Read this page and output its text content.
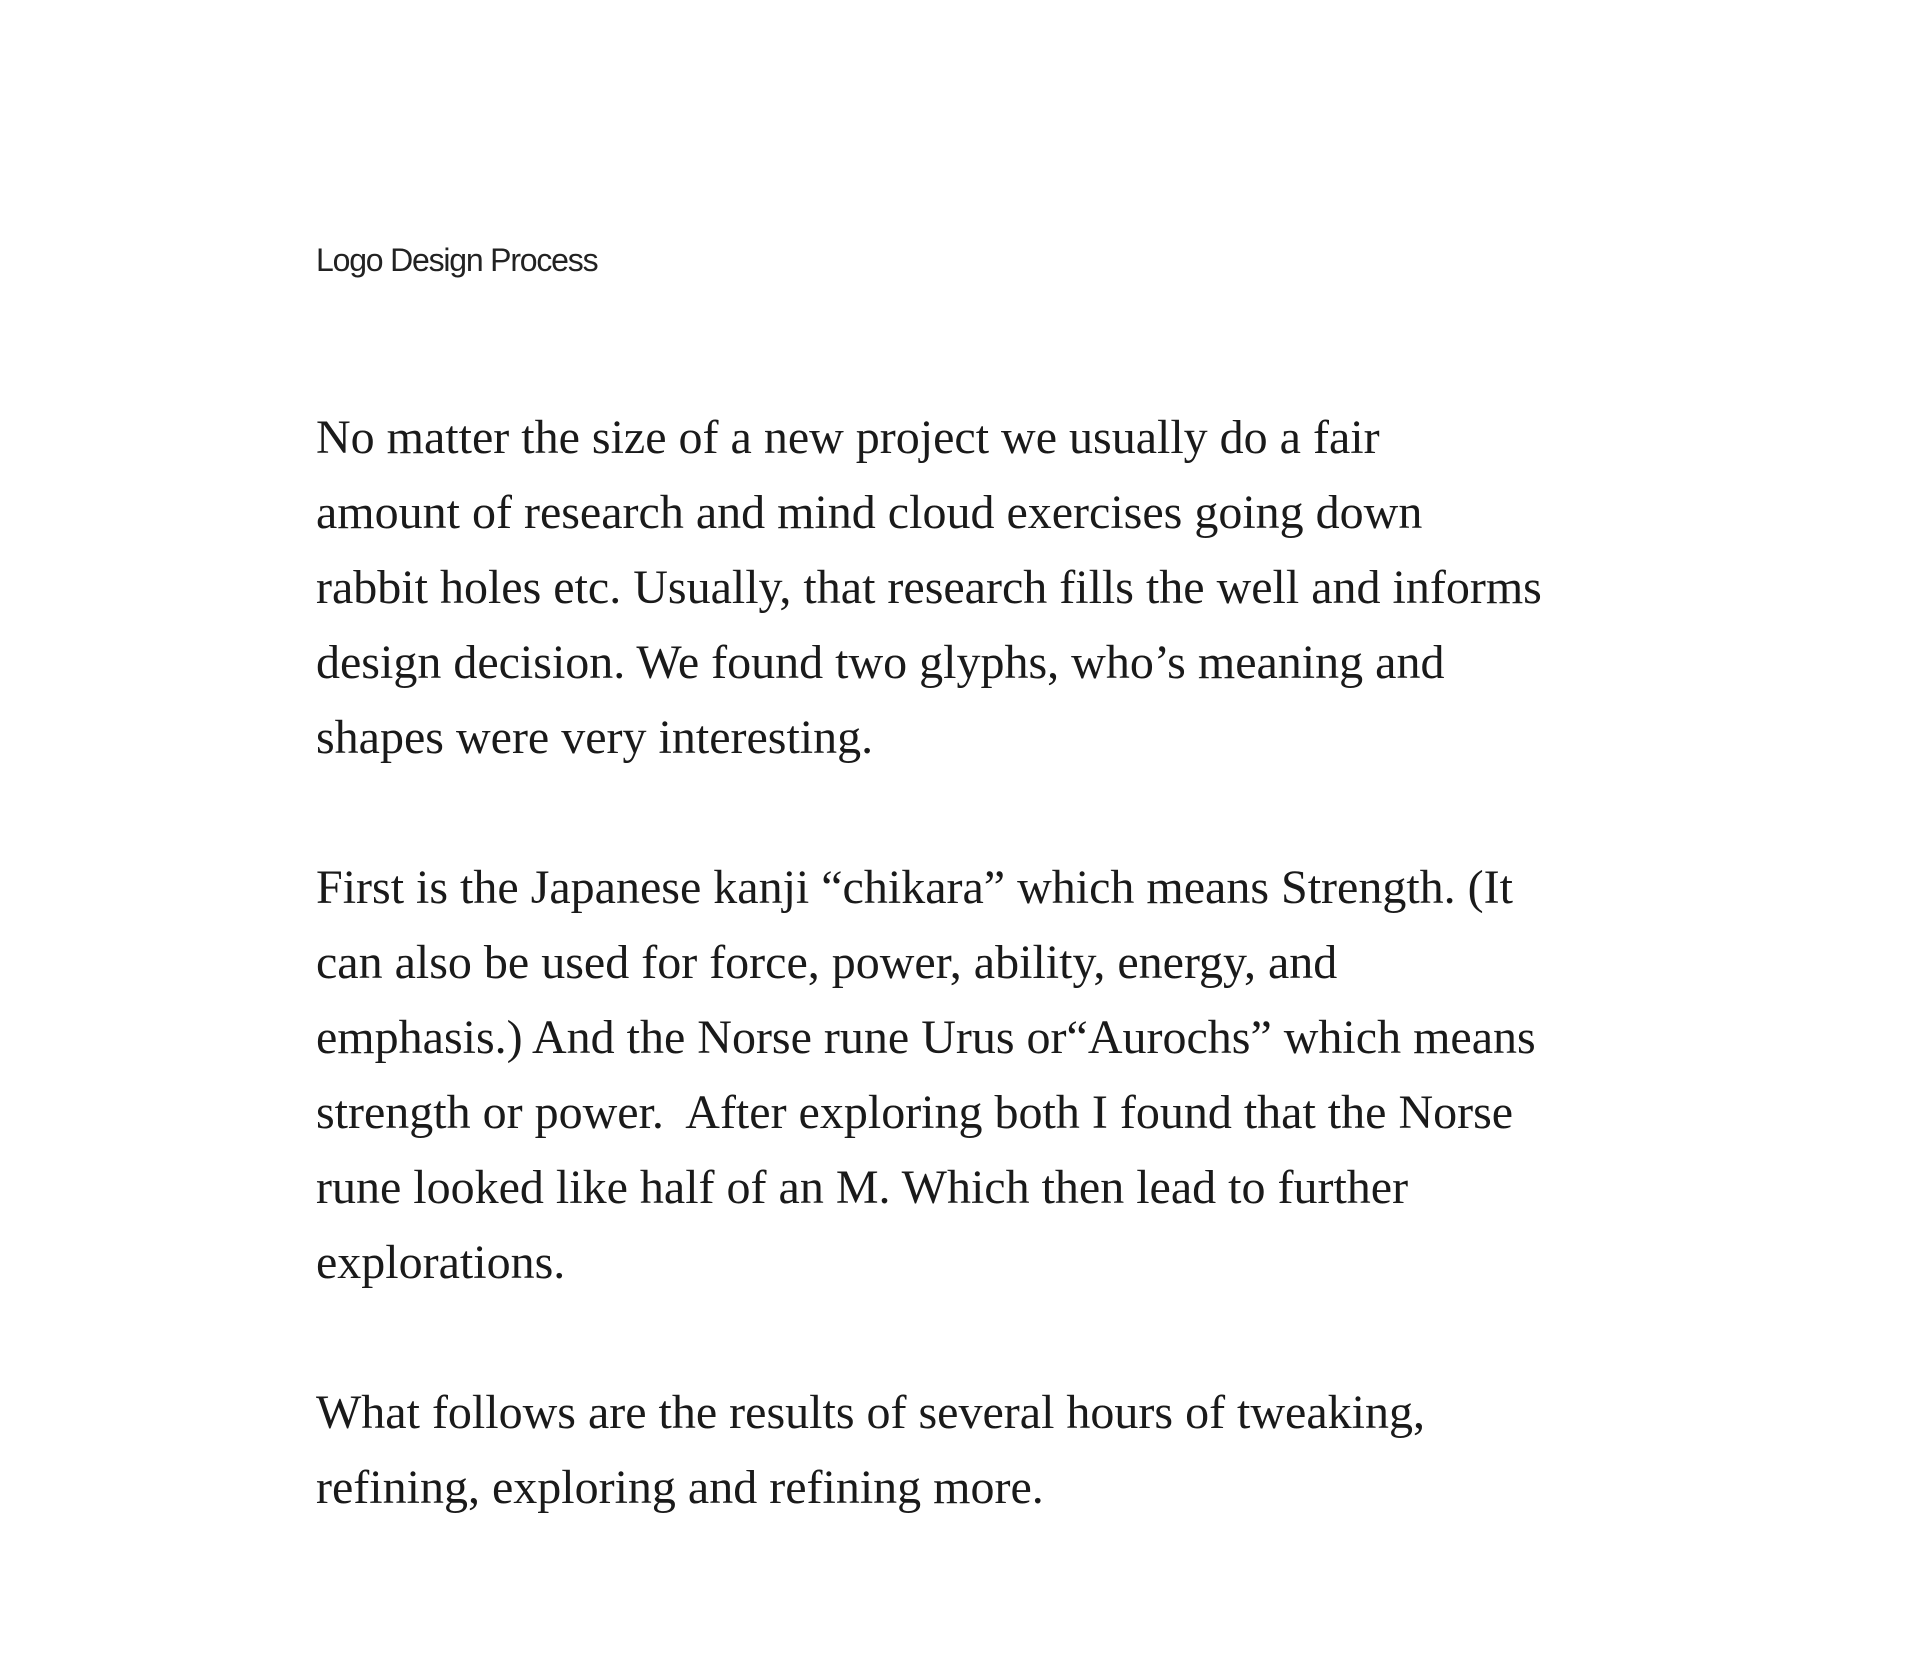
Logo Design Process

No matter the size of a new project we usually do a fair
amount of research and mind cloud exercises going down
rabbit holes etc. Usually, that research fills the well and informs
design decision. We found two glyphs, who’s meaning and
shapes were very interesting.

First is the Japanese kanji “chikara” which means Strength. (It
can also be used for force, power, ability, energy, and
emphasis.) And the Norse rune Urus or“Aurochs” which means
strength or power.  After exploring both I found that the Norse
rune looked like half of an M. Which then lead to further
explorations.

What follows are the results of several hours of tweaking,
refining, exploring and refining more.
